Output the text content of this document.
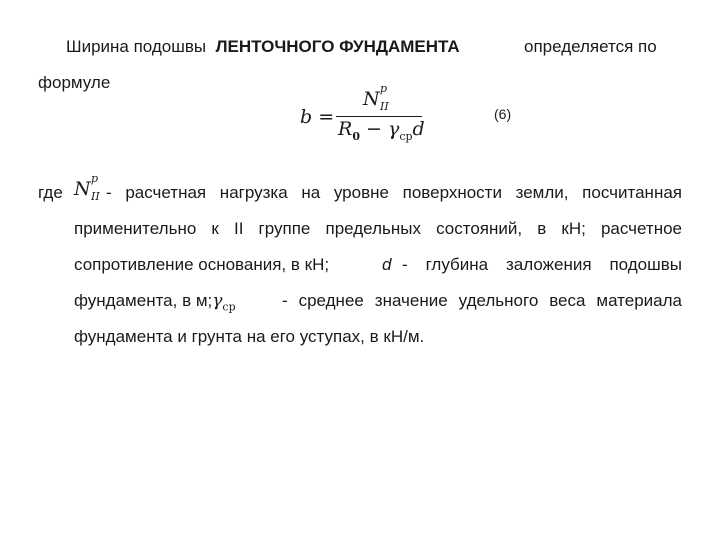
Ширина подошвы ЛЕНТОЧНОГО ФУНДАМЕНТА	определяется по
формуле
b =
N p
II
$R_0 - \gamma_{ср}d$
(6)
где N p
II - расчетная нагрузка на уровне поверхности земли, посчитанная
применительно к II группе предельных состояний, в кН; расчетное
сопротивление основания, в кН;	d - глубина заложения подошвы
фундамента, в $м;\gamma_{ср}$	- среднее значение удельного веса материала
фундамента и грунта на его уступах, в кН/м.
